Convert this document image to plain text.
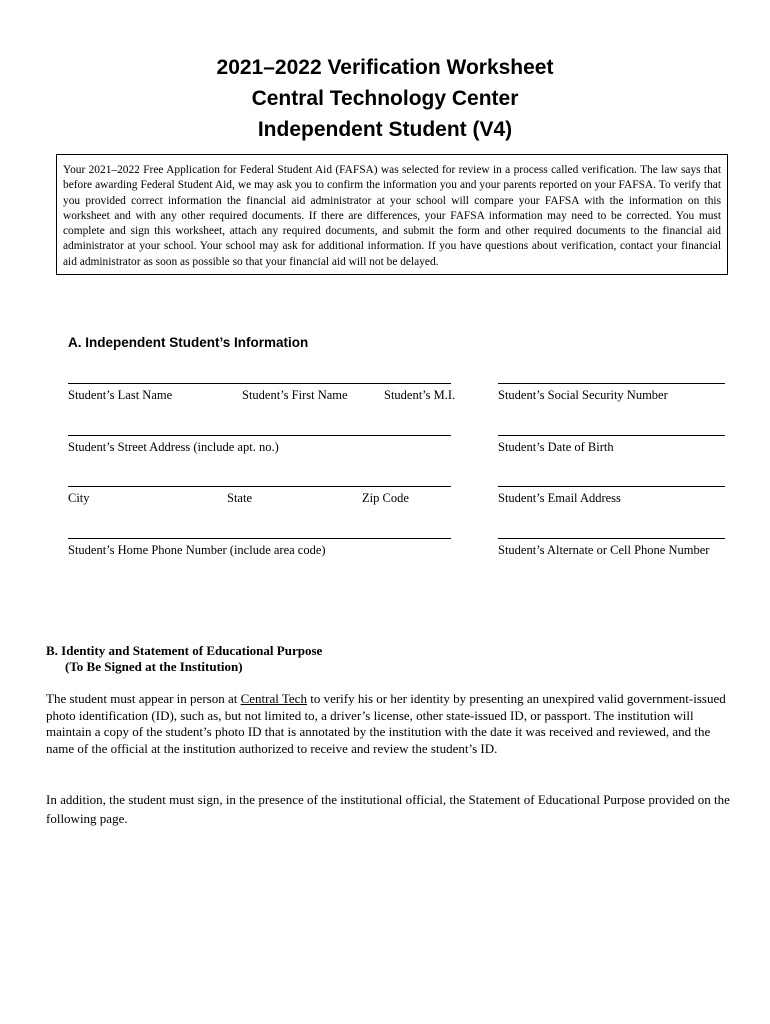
2021–2022 Verification Worksheet
Central Technology Center
Independent Student (V4)
Your 2021–2022 Free Application for Federal Student Aid (FAFSA) was selected for review in a process called verification. The law says that before awarding Federal Student Aid, we may ask you to confirm the information you and your parents reported on your FAFSA. To verify that you provided correct information the financial aid administrator at your school will compare your FAFSA with the information on this worksheet and with any other required documents. If there are differences, your FAFSA information may need to be corrected. You must complete and sign this worksheet, attach any required documents, and submit the form and other required documents to the financial aid administrator at your school. Your school may ask for additional information. If you have questions about verification, contact your financial aid administrator as soon as possible so that your financial aid will not be delayed.
A. Independent Student’s Information
Student’s Last Name	Student’s First Name	Student’s M.I.	Student’s Social Security Number
Student’s Street Address (include apt. no.)	Student’s Date of Birth
City	State	Zip Code	Student’s Email Address
Student’s Home Phone Number (include area code)	Student’s Alternate or Cell Phone Number
B. Identity and Statement of Educational Purpose
(To Be Signed at the Institution)
The student must appear in person at Central Tech to verify his or her identity by presenting an unexpired valid government-issued photo identification (ID), such as, but not limited to, a driver’s license, other state-issued ID, or passport. The institution will maintain a copy of the student’s photo ID that is annotated by the institution with the date it was received and reviewed, and the name of the official at the institution authorized to receive and review the student’s ID.
In addition, the student must sign, in the presence of the institutional official, the Statement of Educational Purpose provided on the following page.
